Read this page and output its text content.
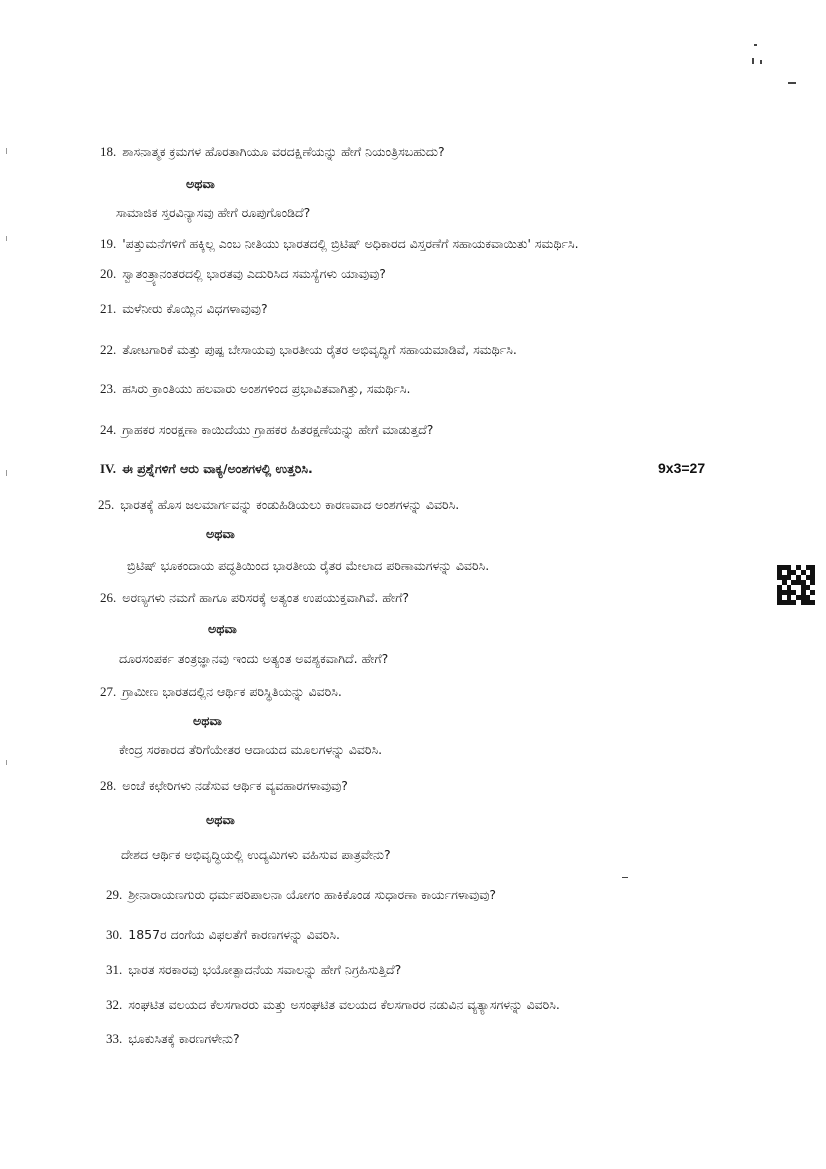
18. ಶಾಸನಾತ್ಮಕ ಕ್ರಮಗಳ ಹೊರತಾಗಿಯೂ ವರದಕ್ಷಿಣೆಯನ್ನು ಹೇಗೆ ನಿಯಂತ್ರಿಸಬಹುದು?
ಅಥವಾ
ಸಾಮಾಜಿಕ ಸ್ತರವಿನ್ಯಾಸವು ಹೇಗೆ ರೂಪುಗೊಂಡಿದೆ?
19. 'ಪತ್ತುಮನೆಗಳಿಗೆ ಹಕ್ಕಿಲ್ಲ ಎಂಬ ನೀತಿಯು ಭಾರತದಲ್ಲಿ ಬ್ರಿಟಿಷ್ ಅಧಿಕಾರದ ವಿಸ್ತರಣೆಗೆ ಸಹಾಯಕವಾಯಿತು' ಸಮರ್ಥಿಸಿ.
20. ಸ್ವಾತಂತ್ರ್ಯಾನಂತರದಲ್ಲಿ ಭಾರತವು ಎದುರಿಸಿದ ಸಮಸ್ಯೆಗಳು ಯಾವುವು?
21. ಮಳೆನೀರು ಕೊಯ್ಲಿನ ವಿಧಗಳಾವುವು?
22. ತೋಟಗಾರಿಕೆ ಮತ್ತು ಪುಷ್ಪ ಬೇಸಾಯವು ಭಾರತೀಯ ರೈತರ ಅಭಿವೃದ್ಧಿಗೆ ಸಹಾಯಮಾಡಿವೆ, ಸಮರ್ಥಿಸಿ.
23. ಹಸಿರು ಕ್ರಾಂತಿಯು ಹಲವಾರು ಅಂಶಗಳಿಂದ ಪ್ರಭಾವಿತವಾಗಿತ್ತು, ಸಮರ್ಥಿಸಿ.
24. ಗ್ರಾಹಕರ ಸಂರಕ್ಷಣಾ ಕಾಯಿದೆಯು ಗ್ರಾಹಕರ ಹಿತರಕ್ಷಣೆಯನ್ನು ಹೇಗೆ ಮಾಡುತ್ತದೆ?
IV. ಈ ಪ್ರಶ್ನೆಗಳಿಗೆ ಆರು ವಾಕ್ಯ/ಅಂಶಗಳಲ್ಲಿ ಉತ್ತರಿಸಿ.	9x3=27
25. ಭಾರತಕ್ಕೆ ಹೊಸ ಜಲಮಾರ್ಗವನ್ನು ಕಂಡುಹಿಡಿಯಲು ಕಾರಣವಾದ ಅಂಶಗಳನ್ನು ವಿವರಿಸಿ.
ಅಥವಾ
ಬ್ರಿಟಿಷ್ ಭೂಕಂದಾಯ ಪದ್ಧತಿಯಿಂದ ಭಾರತೀಯ ರೈತರ ಮೇಲಾದ ಪರಿಣಾಮಗಳನ್ನು ವಿವರಿಸಿ.
26. ಅರಣ್ಯಗಳು ನಮಗೆ ಹಾಗೂ ಪರಿಸರಕ್ಕೆ ಅತ್ಯಂತ ಉಪಯುಕ್ತವಾಗಿವೆ. ಹೇಗೆ?
ಅಥವಾ
ದೂರಸಂಪರ್ಕ ತಂತ್ರಜ್ಞಾನವು ಇಂದು ಅತ್ಯಂತ ಅವಶ್ಯಕವಾಗಿದೆ. ಹೇಗೆ?
27. ಗ್ರಾಮೀಣ ಭಾರತದಲ್ಲಿನ ಆರ್ಥಿಕ ಪರಿಸ್ಥಿತಿಯನ್ನು ವಿವರಿಸಿ.
ಅಥವಾ
ಕೇಂದ್ರ ಸರಕಾರದ ತೆರಿಗೆಯೇತರ ಆದಾಯದ ಮೂಲಗಳನ್ನು ವಿವರಿಸಿ.
28. ಅಂಚೆ ಕಛೇರಿಗಳು ನಡೆಸುವ ಆರ್ಥಿಕ ವ್ಯವಹಾರಗಳಾವುವು?
ಅಥವಾ
ದೇಶದ ಆರ್ಥಿಕ ಅಭಿವೃದ್ಧಿಯಲ್ಲಿ ಉದ್ಯಮಿಗಳು ವಹಿಸುವ ಪಾತ್ರವೇನು?
29. ಶ್ರೀನಾರಾಯಣಗುರು ಧರ್ಮಪರಿಪಾಲನಾ ಯೋಗಂ ಹಾಕಿಕೊಂಡ ಸುಧಾರಣಾ ಕಾರ್ಯಗಳಾವುವು?
30. 1857ರ ದಂಗೆಯ ವಿಫಲತೆಗೆ ಕಾರಣಗಳನ್ನು ವಿವರಿಸಿ.
31. ಭಾರತ ಸರಕಾರವು ಭಯೋತ್ಪಾದನೆಯ ಸವಾಲನ್ನು ಹೇಗೆ ನಿಗ್ರಹಿಸುತ್ತಿದೆ?
32. ಸಂಘಟಿತ ವಲಯದ ಕೆಲಸಗಾರರು ಮತ್ತು ಅಸಂಘಟಿತ ವಲಯದ ಕೆಲಸಗಾರರ ನಡುವಿನ ವ್ಯತ್ಯಾಸಗಳನ್ನು ವಿವರಿಸಿ.
33. ಭೂಕುಸಿತಕ್ಕೆ ಕಾರಣಗಳೇನು?
